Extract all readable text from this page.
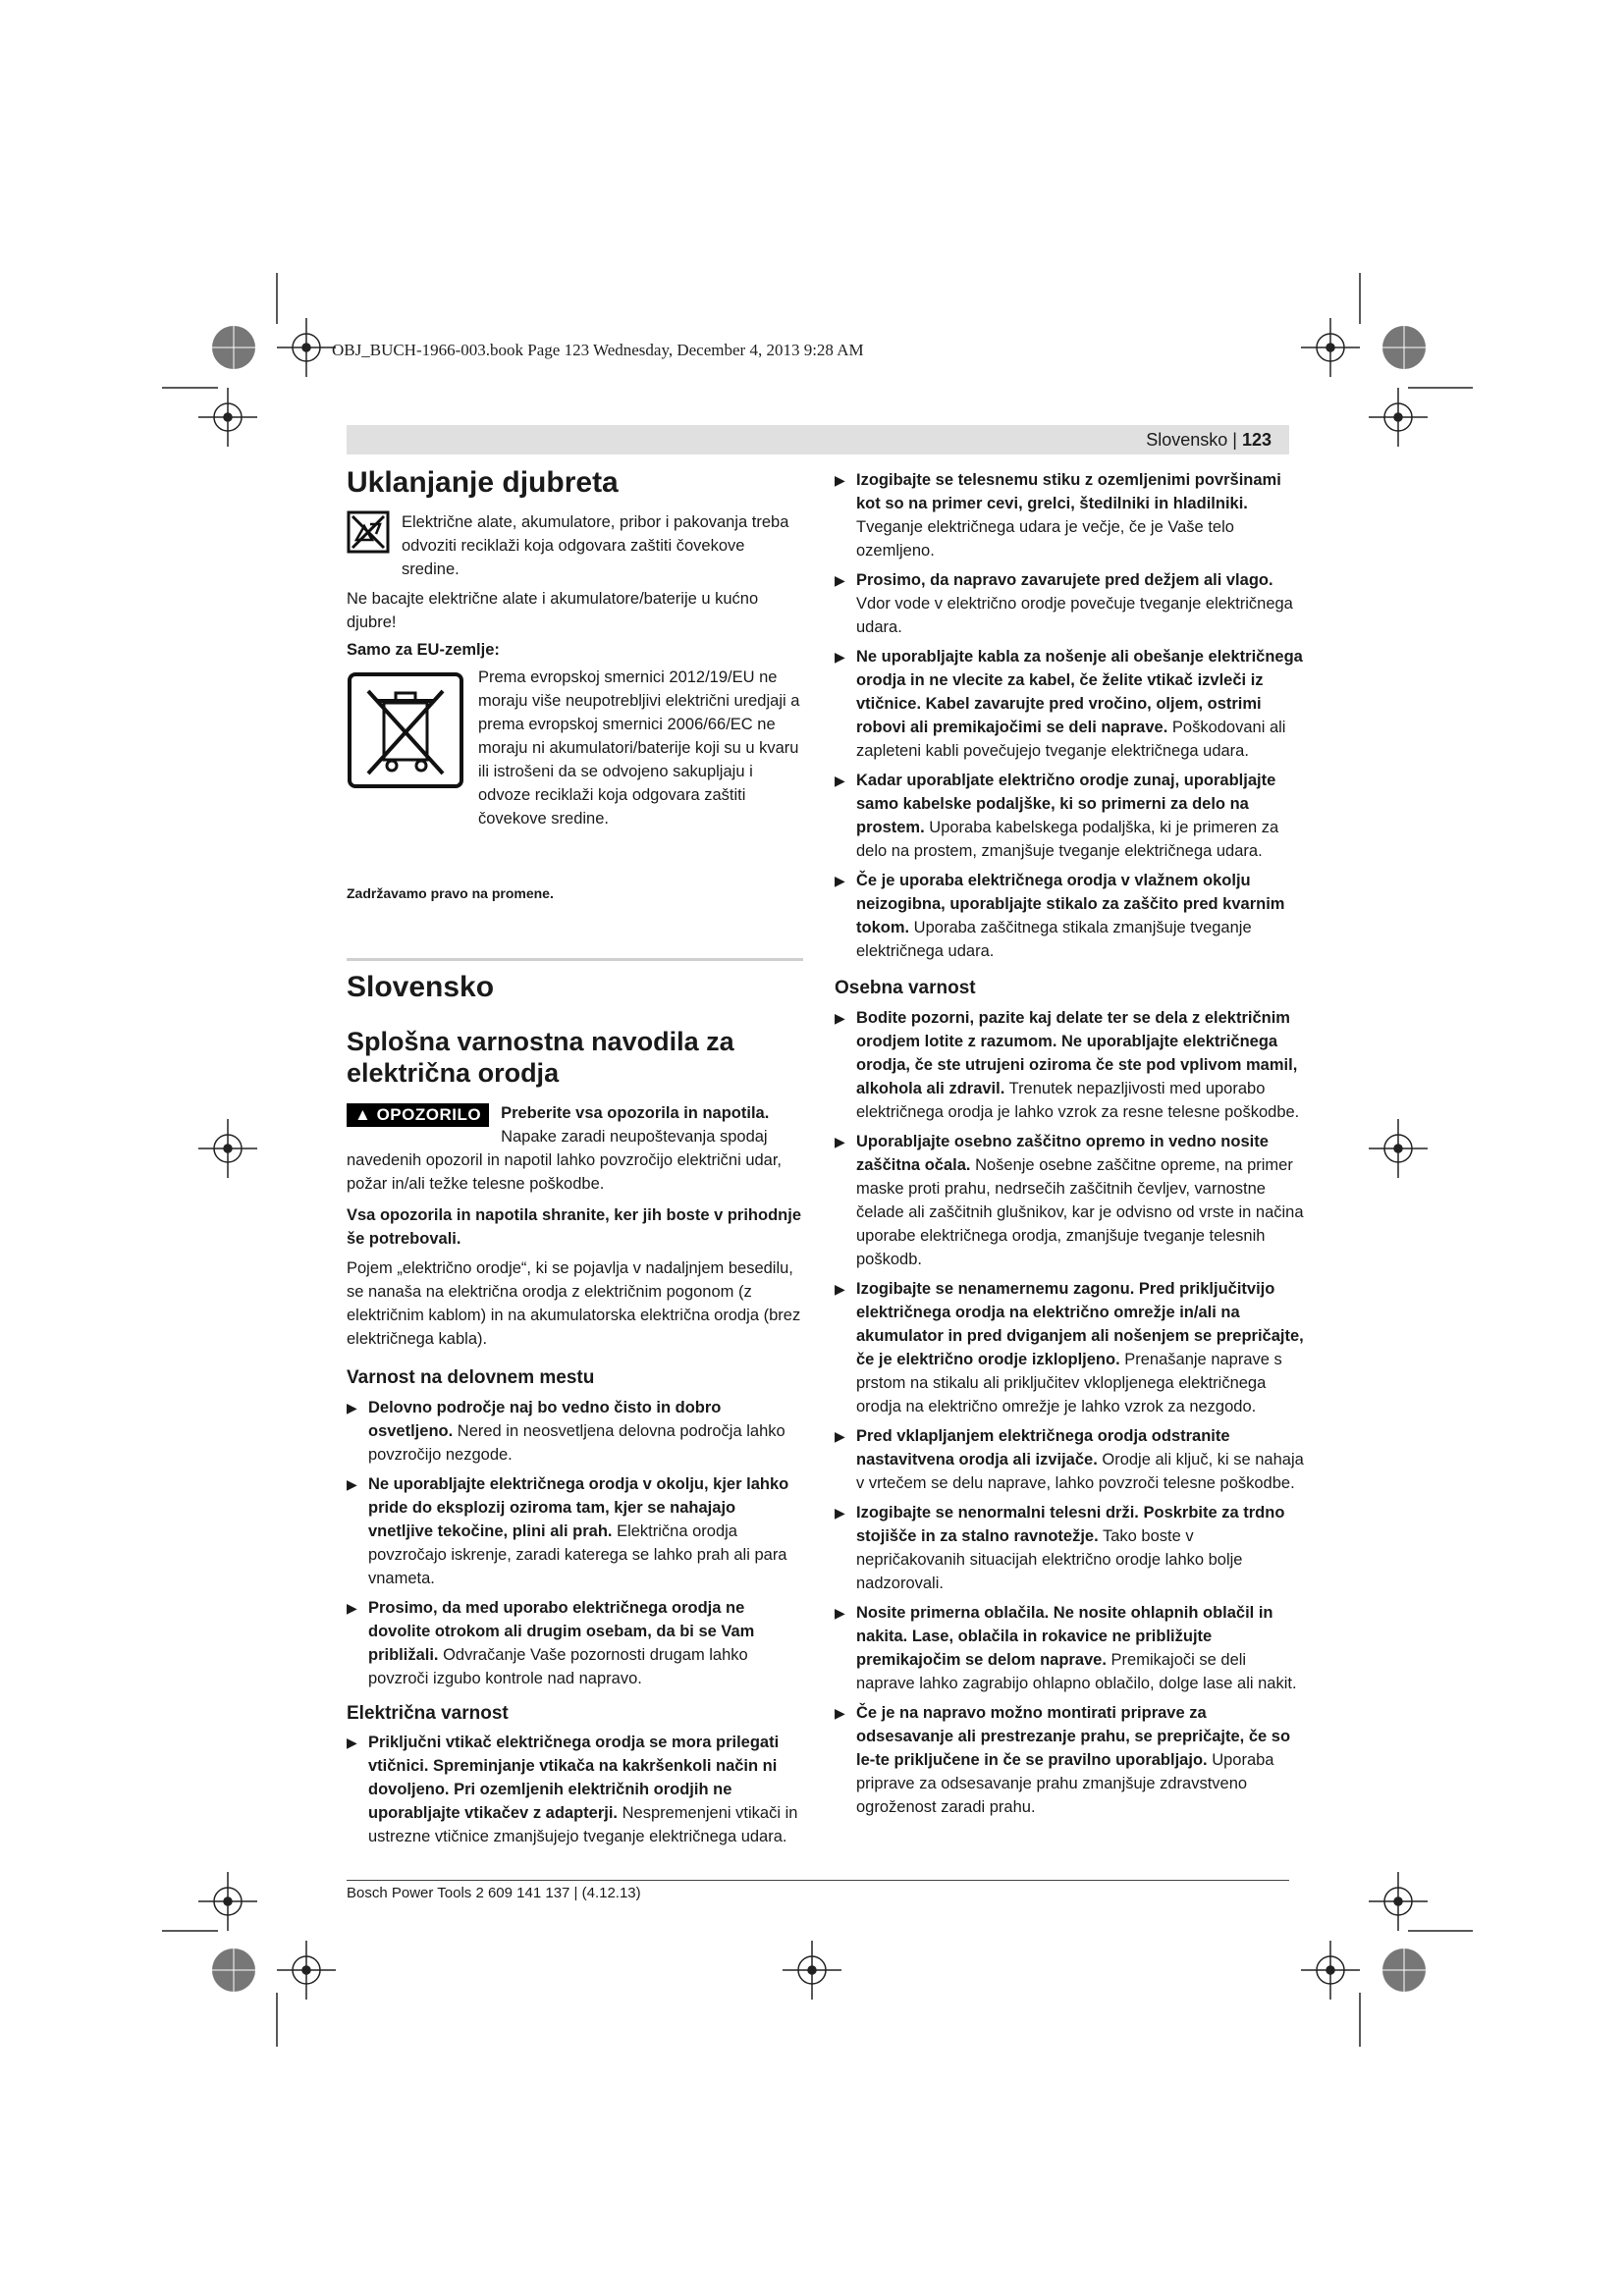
OBJ_BUCH-1966-003.book Page 123 Wednesday, December 4, 2013 9:28 AM
Slovensko | 123
Uklanjanje djubreta

Električne alate, akumulatore, pribor i pakovanja treba odvoziti reciklaži koja odgovara zaštiti čovekove sredine.

Ne bacajte električne alate i akumulatore/baterije u kućno djubre!

Samo za EU-zemlje:

Prema evropskoj smernici 2012/19/EU ne moraju više neupotrebljivi električni uredjaji a prema evropskoj smernici 2006/66/EC ne moraju ni akumulatori/baterije koji su u kvaru ili istrošeni da se odvojeno sakupljaju i odvoze reciklaži koja odgovara zaštiti čovekove sredine.

Zadržavamo pravo na promene.

Slovensko
Splošna varnostna navodila za električna orodja
▲ OPOZORILO	Preberite vsa opozorila in napotila. Napake zaradi neupoštevanja spodaj navedenih opozoril in napotil lahko povzročijo električni udar, požar in/ali težke telesne poškodbe.

Vsa opozorila in napotila shranite, ker jih boste v prihodnje še potrebovali.

Pojem „električno orodje“, ki se pojavlja v nadaljnjem besedilu, se nanaša na električna orodja z električnim pogonom (z električnim kablom) in na akumulatorska električna orodja (brez električnega kabla).

Varnost na delovnem mestu
▶ Delovno področje naj bo vedno čisto in dobro osvetljeno. Nered in neosvetljena delovna področja lahko povzročijo nezgode.
▶ Ne uporabljajte električnega orodja v okolju, kjer lahko pride do eksplozij oziroma tam, kjer se nahajajo vnetljive tekočine, plini ali prah. Električna orodja povzročajo iskrenje, zaradi katerega se lahko prah ali para vnameta.
▶ Prosimo, da med uporabo električnega orodja ne dovolite otrokom ali drugim osebam, da bi se Vam približali. Odvračanje Vaše pozornosti drugam lahko povzroči izgubo kontrole nad napravo.
Električna varnost
▶ Priključni vtikač električnega orodja se mora prilegati vtičnici. Spreminjanje vtikača na kakršenkoli način ni dovoljeno. Pri ozemljenih električnih orodjih ne uporabljajte vtikačev z adapterji. Nespremenjeni vtikači in ustrezne vtičnice zmanjšujejo tveganje električnega udara.
▶ Izogibajte se telesnemu stiku z ozemljenimi površinami kot so na primer cevi, grelci, štedilniki in hladilniki. Tveganje električnega udara je večje, če je Vaše telo ozemljeno.
▶ Prosimo, da napravo zavarujete pred dežjem ali vlago. Vdor vode v električno orodje povečuje tveganje električnega udara.
▶ Ne uporabljajte kabla za nošenje ali obešanje električnega orodja in ne vlecite za kabel, če želite vtikač izvleči iz vtičnice. Kabel zavarujte pred vročino, oljem, ostrimi robovi ali premikajočimi se deli naprave. Poškodovani ali zapleteni kabli povečujejo tveganje električnega udara.
▶ Kadar uporabljate električno orodje zunaj, uporabljajte samo kabelske podaljške, ki so primerni za delo na prostem. Uporaba kabelskega podaljška, ki je primeren za delo na prostem, zmanjšuje tveganje električnega udara.
▶ Če je uporaba električnega orodja v vlažnem okolju neizogibna, uporabljajte stikalo za zaščito pred kvarnim tokom. Uporaba zaščitnega stikala zmanjšuje tveganje električnega udara.
Osebna varnost
▶ Bodite pozorni, pazite kaj delate ter se dela z električnim orodjem lotite z razumom. Ne uporabljajte električnega orodja, če ste utrujeni oziroma če ste pod vplivom mamil, alkohola ali zdravil. Trenutek nepazljivosti med uporabo električnega orodja je lahko vzrok za resne telesne poškodbe.
▶ Uporabljajte osebno zaščitno opremo in vedno nosite zaščitna očala. Nošenje osebne zaščitne opreme, na primer maske proti prahu, nedrsečih zaščitnih čevljev, varnostne čelade ali zaščitnih glušnikov, kar je odvisno od vrste in načina uporabe električnega orodja, zmanjšuje tveganje telesnih poškodb.
▶ Izogibajte se nenamernemu zagonu. Pred priključitvijo električnega orodja na električno omrežje in/ali na akumulator in pred dviganjem ali nošenjem se prepričajte, če je električno orodje izklopljeno. Prenašanje naprave s prstom na stikalu ali priključitev vklopljenega električnega orodja na električno omrežje je lahko vzrok za nezgodo.
▶ Pred vklapljanjem električnega orodja odstranite nastavitvena orodja ali izvijače. Orodje ali ključ, ki se nahaja v vrtečem se delu naprave, lahko povzroči telesne poškodbe.
▶ Izogibajte se nenormalni telesni drži. Poskrbite za trdno stojišče in za stalno ravnotežje. Tako boste v nepričakovanih situacijah električno orodje lahko bolje nadzorovali.
▶ Nosite primerna oblačila. Ne nosite ohlapnih oblačil in nakita. Lase, oblačila in rokavice ne približujte premikajočim se delom naprave. Premikajoči se deli naprave lahko zagrabijo ohlapno oblačilo, dolge lase ali nakit.
▶ Če je na napravo možno montirati priprave za odsesavanje ali prestrezanje prahu, se prepričajte, če so le-te priključene in če se pravilno uporabljajo. Uporaba priprave za odsesavanje prahu zmanjšuje zdravstveno ogroženost zaradi prahu.
Bosch Power Tools 2 609 141 137 | (4.12.13)
